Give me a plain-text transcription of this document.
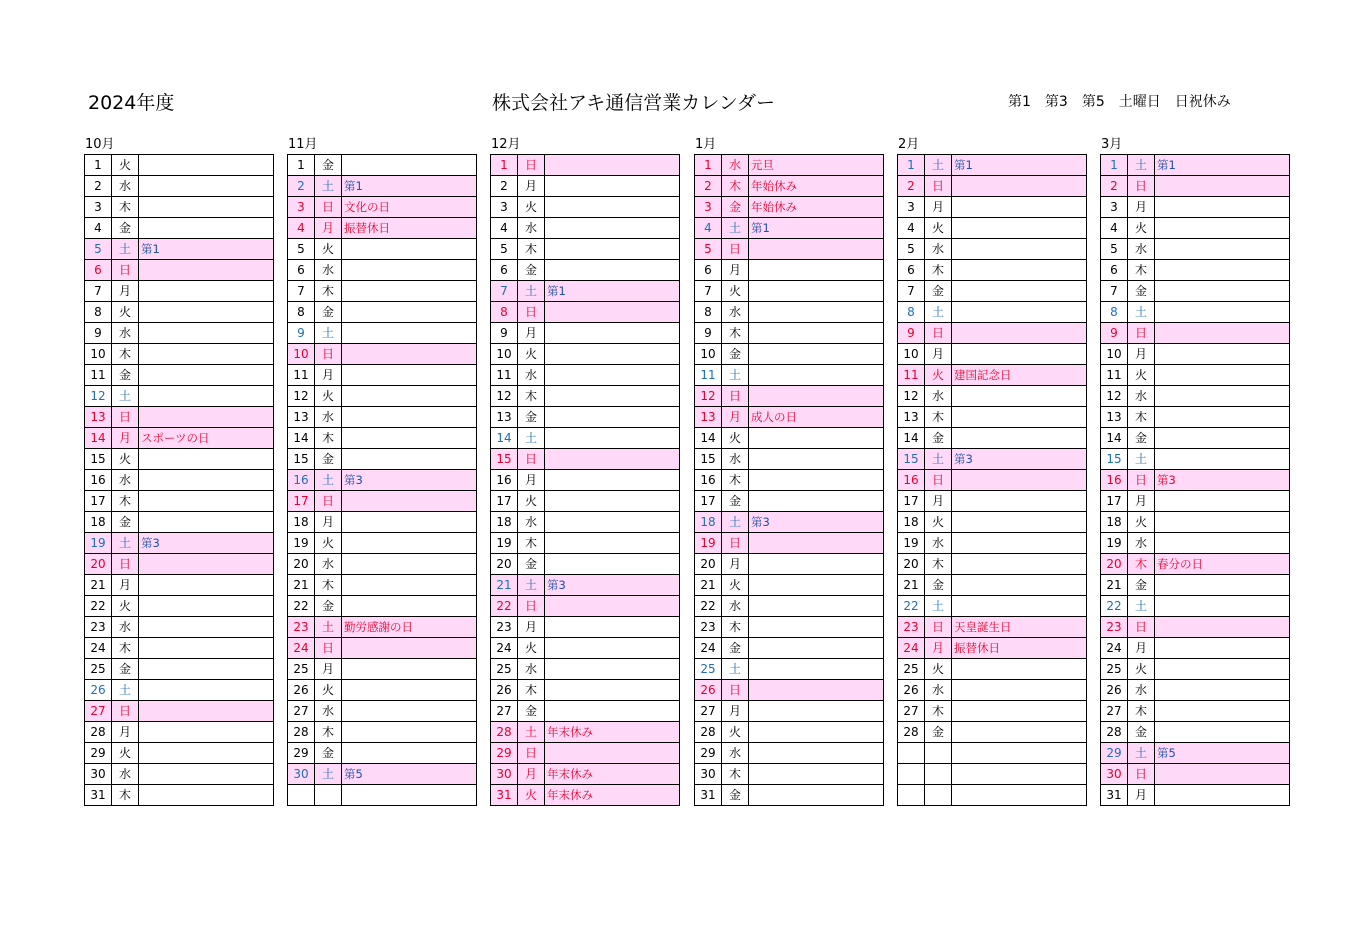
2024年度	株式会社アキ通信営業カレンダー	第1　第3　第5　土曜日　日祝休み
10月
1	火	
2	水	
3	木	
4	金	
5	土	第1
6	日	
7	月	
8	火	
9	水	
10	木	
11	金	
12	土	
13	日	
14	月	スポーツの日
15	火	
16	水	
17	木	
18	金	
19	土	第3
20	日	
21	月	
22	火	
23	水	
24	木	
25	金	
26	土	
27	日	
28	月	
29	火	
30	水	
31	木	
11月
1	金	
2	土	第1
3	日	文化の日
4	月	振替休日
5	火	
6	水	
7	木	
8	金	
9	土	
10	日	
11	月	
12	火	
13	水	
14	木	
15	金	
16	土	第3
17	日	
18	月	
19	火	
20	水	
21	木	
22	金	
23	土	勤労感謝の日
24	日	
25	月	
26	火	
27	水	
28	木	
29	金	
30	土	第5

12月
1	日	
2	月	
3	火	
4	水	
5	木	
6	金	
7	土	第1
8	日	
9	月	
10	火	
11	水	
12	木	
13	金	
14	土	
15	日	
16	月	
17	火	
18	水	
19	木	
20	金	
21	土	第3
22	日	
23	月	
24	火	
25	水	
26	木	
27	金	
28	土	年末休み
29	日	
30	月	年末休み
31	火	年末休み
1月
1	水	元旦
2	木	年始休み
3	金	年始休み
4	土	第1
5	日	
6	月	
7	火	
8	水	
9	木	
10	金	
11	土	
12	日	
13	月	成人の日
14	火	
15	水	
16	木	
17	金	
18	土	第3
19	日	
20	月	
21	火	
22	水	
23	木	
24	金	
25	土	
26	日	
27	月	
28	火	
29	水	
30	木	
31	金	
2月
1	土	第1
2	日	
3	月	
4	火	
5	水	
6	木	
7	金	
8	土	
9	日	
10	月	
11	火	建国記念日
12	水	
13	木	
14	金	
15	土	第3
16	日	
17	月	
18	火	
19	水	
20	木	
21	金	
22	土	
23	日	天皇誕生日
24	月	振替休日
25	火	
26	水	
27	木	
28	金	

3月
1	土	第1
2	日	
3	月	
4	火	
5	水	
6	木	
7	金	
8	土	
9	日	
10	月	
11	火	
12	水	
13	木	
14	金	
15	土	
16	日	第3
17	月	
18	火	
19	水	
20	木	春分の日
21	金	
22	土	
23	日	
24	月	
25	火	
26	水	
27	木	
28	金	
29	土	第5
30	日	
31	月	
